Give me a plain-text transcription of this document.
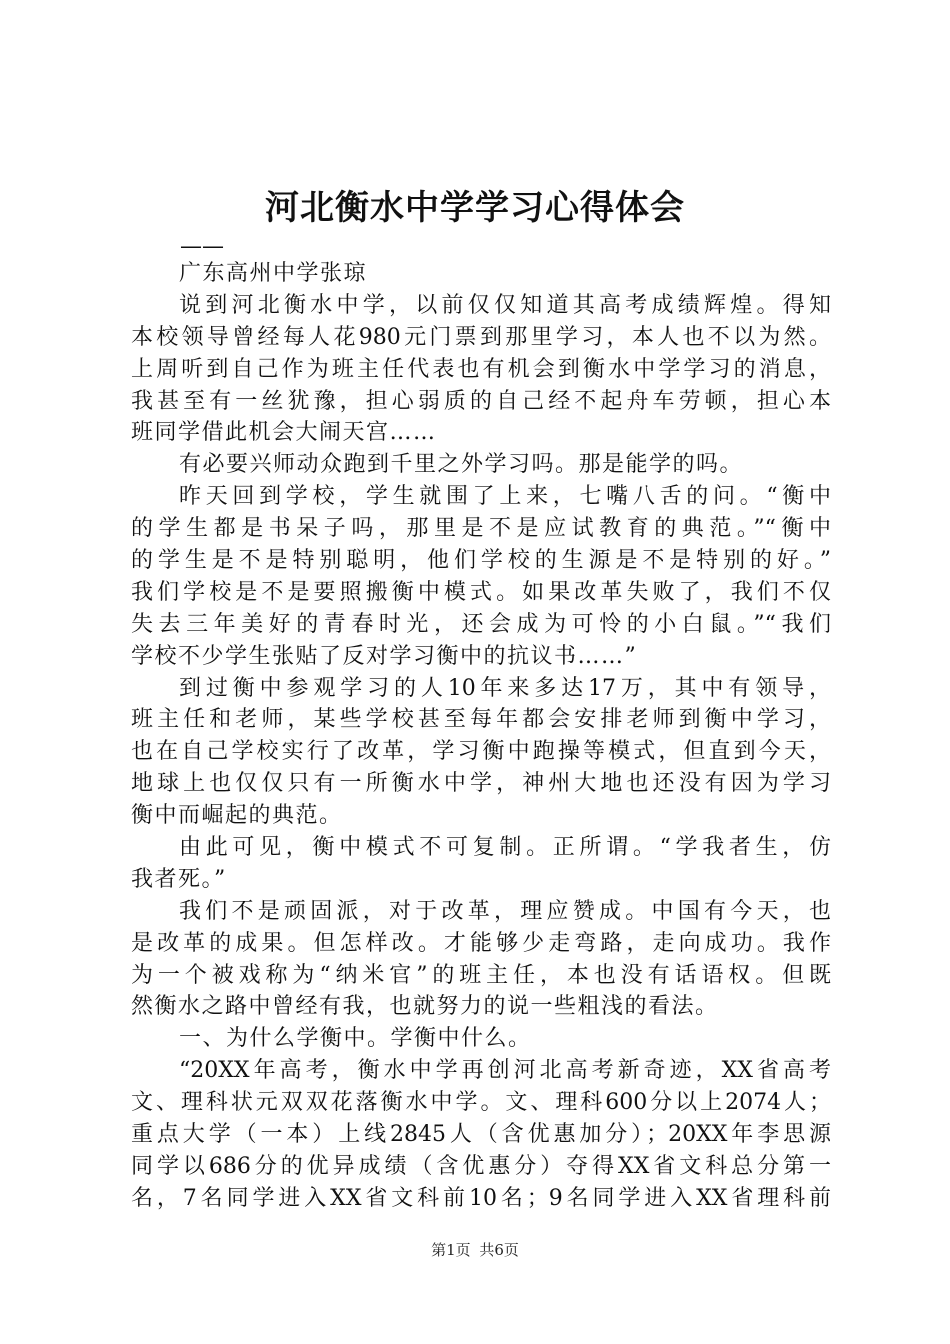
河北衡水中学学习心得体会
——
广东高州中学张琼
说到河北衡水中学，以前仅仅知道其高考成绩辉煌。得知
本校领导曾经每人花980元门票到那里学习，本人也不以为然。
上周听到自己作为班主任代表也有机会到衡水中学学习的消息，
我甚至有一丝犹豫，担心弱质的自己经不起舟车劳顿，担心本
班同学借此机会大闹天宫……
有必要兴师动众跑到千里之外学习吗。那是能学的吗。
昨天回到学校，学生就围了上来，七嘴八舌的问。“衡中
的学生都是书呆子吗，那里是不是应试教育的典范。”“衡中
的学生是不是特别聪明，他们学校的生源是不是特别的好。”
我们学校是不是要照搬衡中模式。如果改革失败了，我们不仅
失去三年美好的青春时光，还会成为可怜的小白鼠。”“我们
学校不少学生张贴了反对学习衡中的抗议书……”
到过衡中参观学习的人10年来多达17万，其中有领导，
班主任和老师，某些学校甚至每年都会安排老师到衡中学习，
也在自己学校实行了改革，学习衡中跑操等模式，但直到今天，
地球上也仅仅只有一所衡水中学，神州大地也还没有因为学习
衡中而崛起的典范。
由此可见，衡中模式不可复制。正所谓。“学我者生，仿
我者死。”
我们不是顽固派，对于改革，理应赞成。中国有今天，也
是改革的成果。但怎样改。才能够少走弯路，走向成功。我作
为一个被戏称为“纳米官”的班主任，本也没有话语权。但既
然衡水之路中曾经有我，也就努力的说一些粗浅的看法。
一、为什么学衡中。学衡中什么。
“20XX年高考，衡水中学再创河北高考新奇迹，XX省高考
文、理科状元双双花落衡水中学。文、理科600分以上2074人；
重点大学（一本）上线2845人（含优惠加分）；20XX年李思源
同学以686分的优异成绩（含优惠分）夺得XX省文科总分第一
名，7名同学进入XX省文科前10名；9名同学进入XX省理科前
第1页 共6页
